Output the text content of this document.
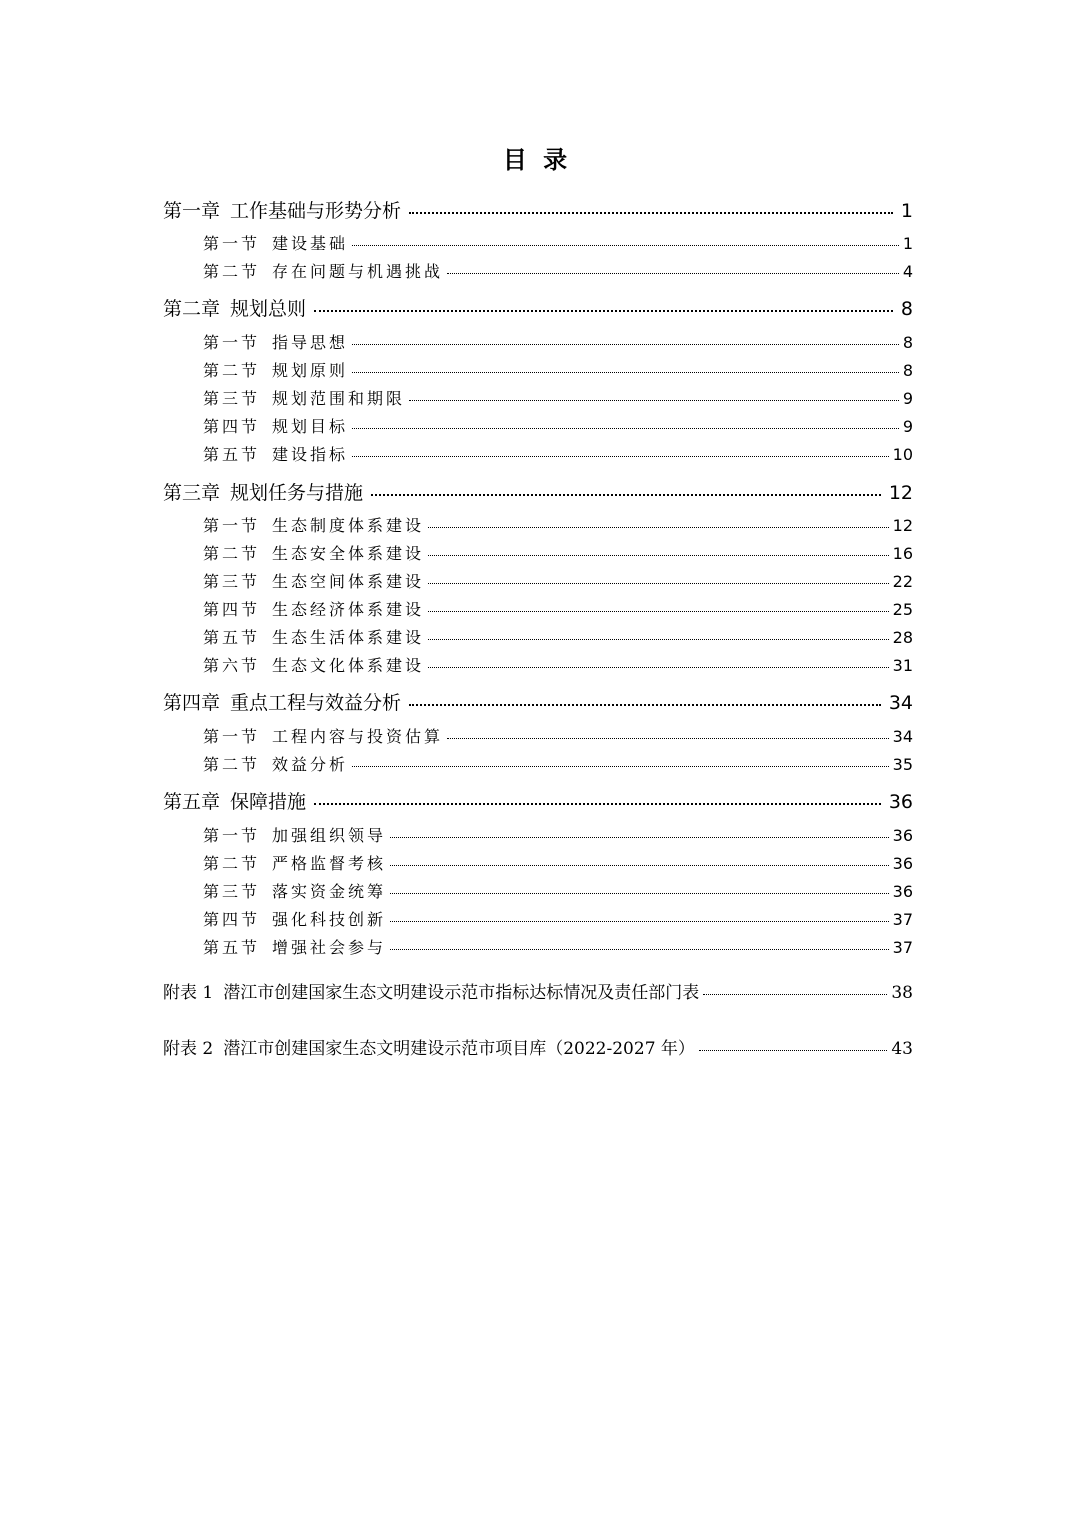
目 录
第一章 工作基础与形势分析	1
第一节 建设基础	1
第二节 存在问题与机遇挑战	4
第二章 规划总则	8
第一节 指导思想	8
第二节 规划原则	8
第三节 规划范围和期限	9
第四节 规划目标	9
第五节 建设指标	10
第三章 规划任务与措施	12
第一节 生态制度体系建设	12
第二节 生态安全体系建设	16
第三节 生态空间体系建设	22
第四节 生态经济体系建设	25
第五节 生态生活体系建设	28
第六节 生态文化体系建设	31
第四章 重点工程与效益分析	34
第一节 工程内容与投资估算	34
第二节 效益分析	35
第五章 保障措施	36
第一节 加强组织领导	36
第二节 严格监督考核	36
第三节 落实资金统筹	36
第四节 强化科技创新	37
第五节 增强社会参与	37
附表 1 潜江市创建国家生态文明建设示范市指标达标情况及责任部门表	38
附表 2 潜江市创建国家生态文明建设示范市项目库（2022-2027 年）	43
